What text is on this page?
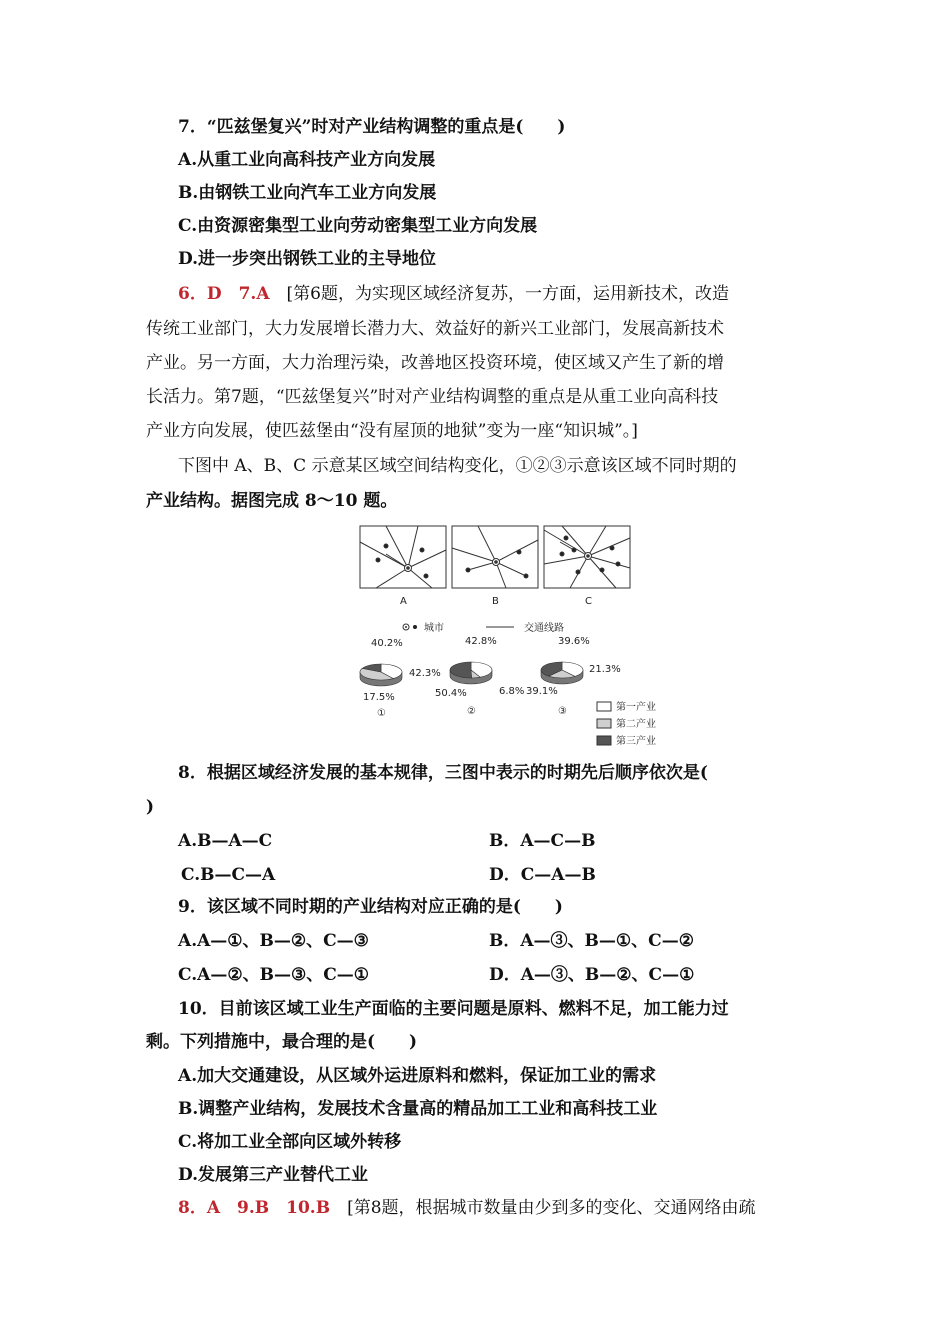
7．“匹兹堡复兴”时对产业结构调整的重点是(　　)
A.从重工业向高科技产业方向发展
B.由钢铁工业向汽车工业方向发展
C.由资源密集型工业向劳动密集型工业方向发展
D.进一步突出钢铁工业的主导地位
6．D　7.A　 [第6题，为实现区域经济复苏，一方面，运用新技术，改造
传统工业部门，大力发展增长潜力大、效益好的新兴工业部门，发展高新技术
产业。另一方面，大力治理污染，改善地区投资环境，使区域又产生了新的增
长活力。第7题，“匹兹堡复兴”时对产业结构调整的重点是从重工业向高科技
产业方向发展，使匹兹堡由“没有屋顶的地狱”变为一座“知识城”。]
下图中 A、B、C 示意某区域空间结构变化，①②③示意该区域不同时期的
产业结构。据图完成 8～10 题。
A	B	C
城市	交通线路
40.2%
42.3%
17.5%
①
42.8%
6.8%
50.4%
②
39.6%
21.3%
39.1%
③	第一产业
第二产业
第三产业
8．根据区域经济发展的基本规律，三图中表示的时期先后顺序依次是(
)
A.B—A—C	B．A—C—B
C.B—C—A	D．C—A—B
9．该区域不同时期的产业结构对应正确的是(　　)
A.A—①、B—②、C—③	B．A—③、B—①、C—②
C.A—②、B—③、C—①	D．A—③、B—②、C—①
10．目前该区域工业生产面临的主要问题是原料、燃料不足，加工能力过
剩。下列措施中，最合理的是(　　)
A.加大交通建设，从区域外运进原料和燃料，保证加工业的需求
B.调整产业结构，发展技术含量高的精品加工工业和高科技工业
C.将加工业全部向区域外转移
D.发展第三产业替代工业
8．A　9.B　10.B　 [第8题，根据城市数量由少到多的变化、交通网络由疏
